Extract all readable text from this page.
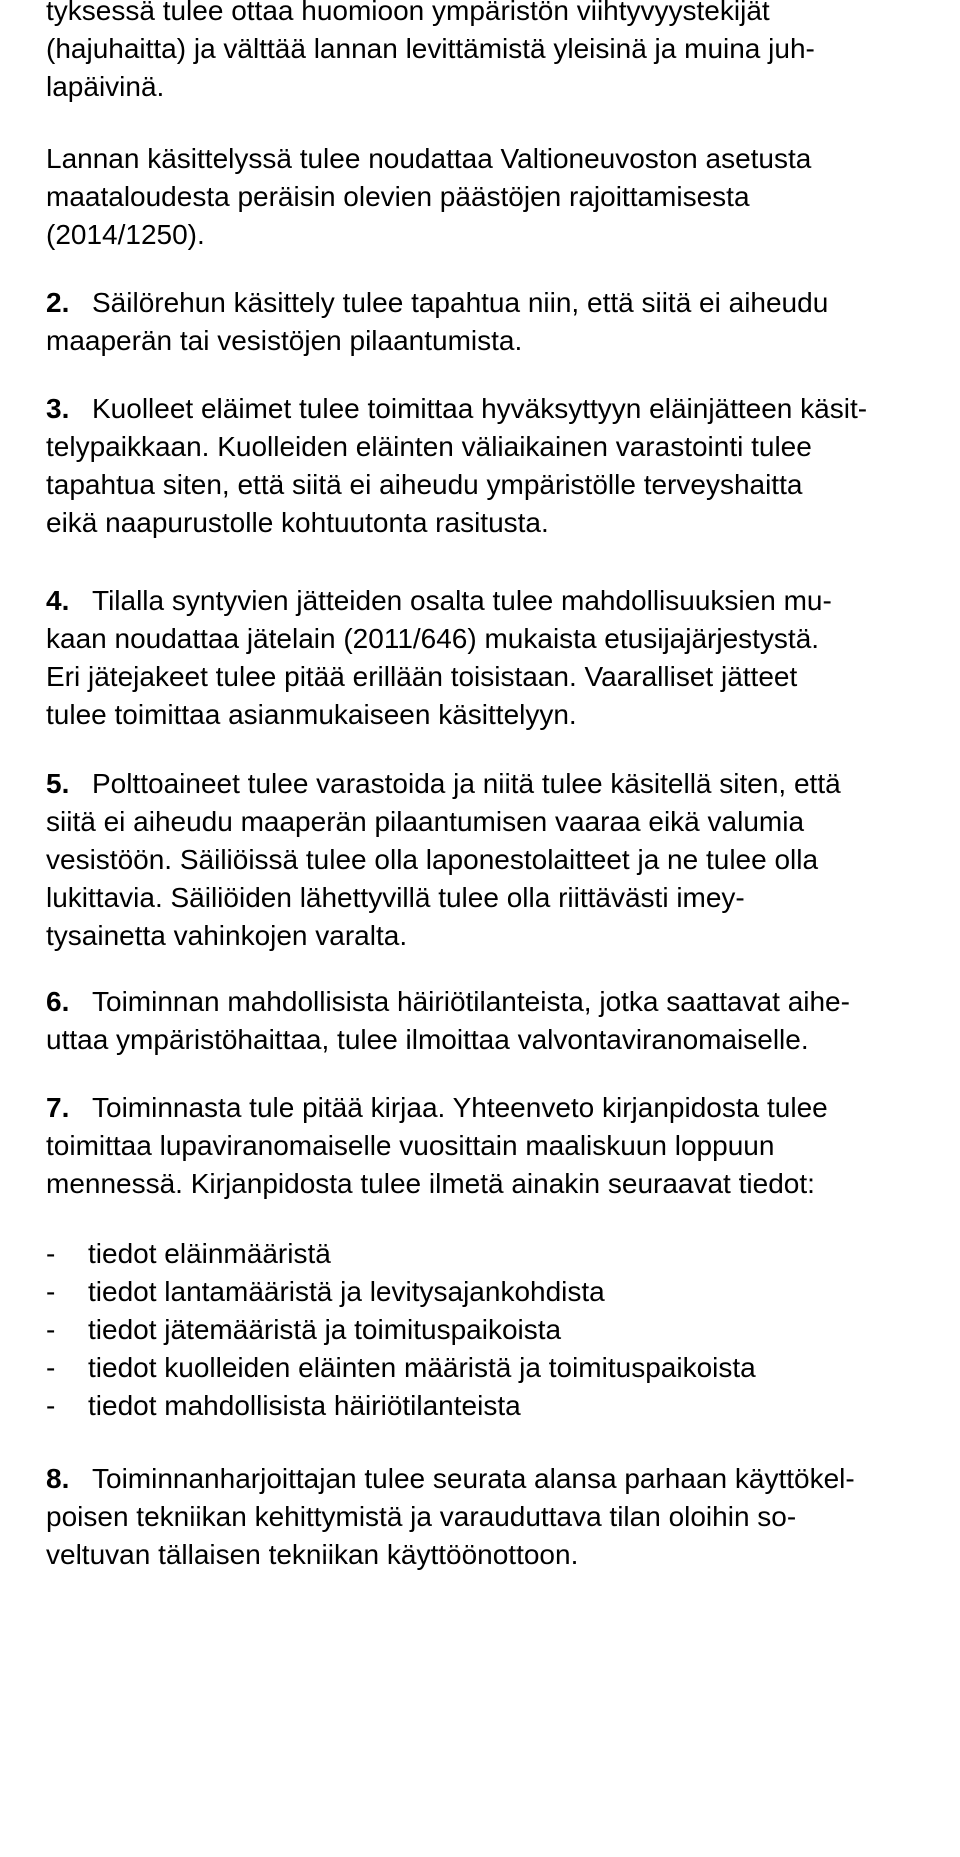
tyksessä tulee ottaa huomioon ympäristön viihtyvyystekijät
(hajuhaitta) ja välttää lannan levittämistä yleisinä ja muina juh-
lapäivinä.
Lannan käsittelyssä tulee noudattaa Valtioneuvoston asetusta
maataloudesta peräisin olevien päästöjen rajoittamisesta
(2014/1250).
2. Säilörehun käsittely tulee tapahtua niin, että siitä ei aiheudu
maaperän tai vesistöjen pilaantumista.
3. Kuolleet eläimet tulee toimittaa hyväksyttyyn eläinjätteen käsit-
telypaikkaan. Kuolleiden eläinten väliaikainen varastointi tulee
tapahtua siten, että siitä ei aiheudu ympäristölle terveyshaitta
eikä naapurustolle kohtuutonta rasitusta.
4. Tilalla syntyvien jätteiden osalta tulee mahdollisuuksien mu-
kaan noudattaa jätelain (2011/646) mukaista etusijajärjestystä.
Eri jätejakeet tulee pitää erillään toisistaan. Vaaralliset jätteet
tulee toimittaa asianmukaiseen käsittelyyn.
5. Polttoaineet tulee varastoida ja niitä tulee käsitellä siten, että
siitä ei aiheudu maaperän pilaantumisen vaaraa eikä valumia
vesistöön. Säiliöissä tulee olla laponestolaitteet ja ne tulee olla
lukittavia. Säiliöiden lähettyvillä tulee olla riittävästi imey-
tysainetta vahinkojen varalta.
6. Toiminnan mahdollisista häiriötilanteista, jotka saattavat aihe-
uttaa ympäristöhaittaa, tulee ilmoittaa valvontaviranomaiselle.
7. Toiminnasta tule pitää kirjaa. Yhteenveto kirjanpidosta tulee
toimittaa lupaviranomaiselle vuosittain maaliskuun loppuun
mennessä. Kirjanpidosta tulee ilmetä ainakin seuraavat tiedot:
- tiedot eläinmääristä
- tiedot lantamääristä ja levitysajankohdista
- tiedot jätemääristä ja toimituspaikoista
- tiedot kuolleiden eläinten määristä ja toimituspaikoista
- tiedot mahdollisista häiriötilanteista
8. Toiminnanharjoittajan tulee seurata alansa parhaan käyttökel-
poisen tekniikan kehittymistä ja varauduttava tilan oloihin so-
veltuvan tällaisen tekniikan käyttöönottoon.
